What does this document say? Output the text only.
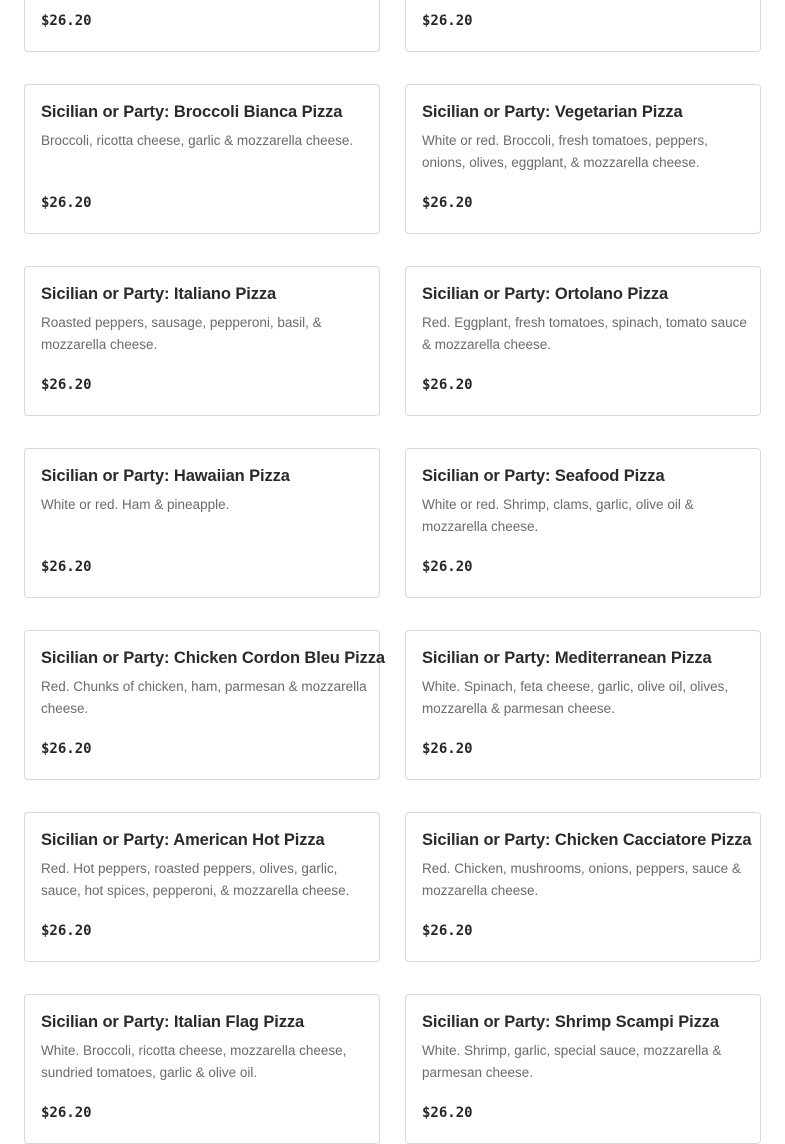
$26.20	$26.20
Sicilian or Party: Broccoli Bianca Pizza
Broccoli, ricotta cheese, garlic & mozzarella cheese.
$26.20
Sicilian or Party: Vegetarian Pizza
White or red. Broccoli, fresh tomatoes, peppers, onions, olives, eggplant, & mozzarella cheese.
$26.20
Sicilian or Party: Italiano Pizza
Roasted peppers, sausage, pepperoni, basil, & mozzarella cheese.
$26.20
Sicilian or Party: Ortolano Pizza
Red. Eggplant, fresh tomatoes, spinach, tomato sauce & mozzarella cheese.
$26.20
Sicilian or Party: Hawaiian Pizza
White or red. Ham & pineapple.
$26.20
Sicilian or Party: Seafood Pizza
White or red. Shrimp, clams, garlic, olive oil & mozzarella cheese.
$26.20
Sicilian or Party: Chicken Cordon Bleu Pizza
Red. Chunks of chicken, ham, parmesan & mozzarella cheese.
$26.20
Sicilian or Party: Mediterranean Pizza
White. Spinach, feta cheese, garlic, olive oil, olives, mozzarella & parmesan cheese.
$26.20
Sicilian or Party: American Hot Pizza
Red. Hot peppers, roasted peppers, olives, garlic, sauce, hot spices, pepperoni, & mozzarella cheese.
$26.20
Sicilian or Party: Chicken Cacciatore Pizza
Red. Chicken, mushrooms, onions, peppers, sauce & mozzarella cheese.
$26.20
Sicilian or Party: Italian Flag Pizza
White. Broccoli, ricotta cheese, mozzarella cheese, sundried tomatoes, garlic & olive oil.
$26.20
Sicilian or Party: Shrimp Scampi Pizza
White. Shrimp, garlic, special sauce, mozzarella & parmesan cheese.
$26.20
